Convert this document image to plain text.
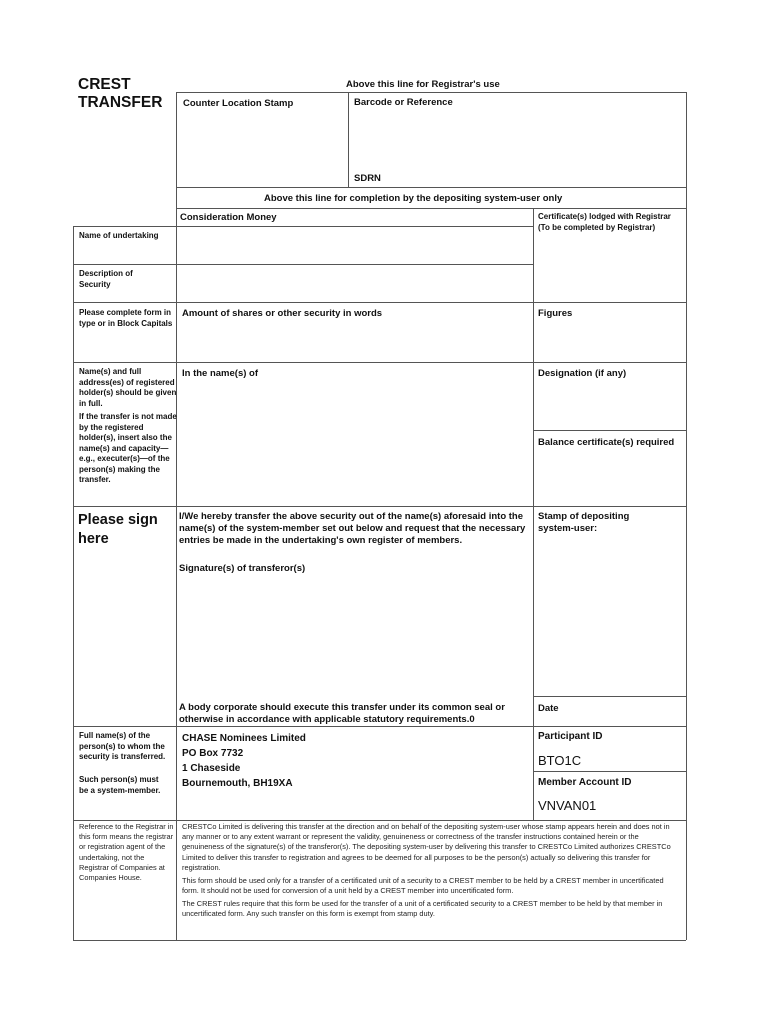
CREST
TRANSFER
Above this line for Registrar's use
Counter Location Stamp	Barcode or Reference
SDRN
Above this line for completion by the depositing system-user only
Consideration Money	Certificate(s) lodged with Registrar (To be completed by Registrar)
Name of undertaking
Description of Security
Please complete form in type or in Block Capitals
Amount of shares or other security in words	Figures
Name(s) and full address(es) of registered holder(s) should be given in full.
If the transfer is not made by the registered holder(s), insert also the name(s) and capacity—e.g., executer(s)—of the person(s) making the transfer.
In the name(s) of	Designation (if any)
Balance certificate(s) required
Please sign here
I/We hereby transfer the above security out of the name(s) aforesaid into the name(s) of the system-member set out below and request that the necessary entries be made in the undertaking's own register of members.
Signature(s) of transferor(s)
Stamp of depositing system-user:
A body corporate should execute this transfer under its common seal or otherwise in accordance with applicable statutory requirements.0
Date
Full name(s) of the person(s) to whom the security is transferred.
Such person(s) must be a system-member.
CHASE Nominees Limited
PO Box 7732
1 Chaseside
Bournemouth, BH19XA
Participant ID
BTO1C
Member Account ID
VNVAN01
Reference to the Registrar in this form means the registrar or registration agent of the undertaking, not the Registrar of Companies at Companies House.
CRESTCo Limited is delivering this transfer at the direction and on behalf of the depositing system-user whose stamp appears herein and does not in any manner or to any extent warrant or represent the validity, genuineness or correctness of the transfer instructions contained herein or the genuineness of the signature(s) of the transferor(s). The depositing system-user by delivering this transfer to CRESTCo Limited authorizes CRESTCo Limited to deliver this transfer to registration and agrees to be deemed for all purposes to be the person(s) actually so delivering this transfer for registration.
This form should be used only for a transfer of a certificated unit of a security to a CREST member to be held by a CREST member in uncertificated form. It should not be used for conversion of a unit held by a CREST member into uncertificated form.
The CREST rules require that this form be used for the transfer of a unit of a certificated security to a CREST member to be held by that member in uncertificated form. Any such transfer on this form is exempt from stamp duty.
